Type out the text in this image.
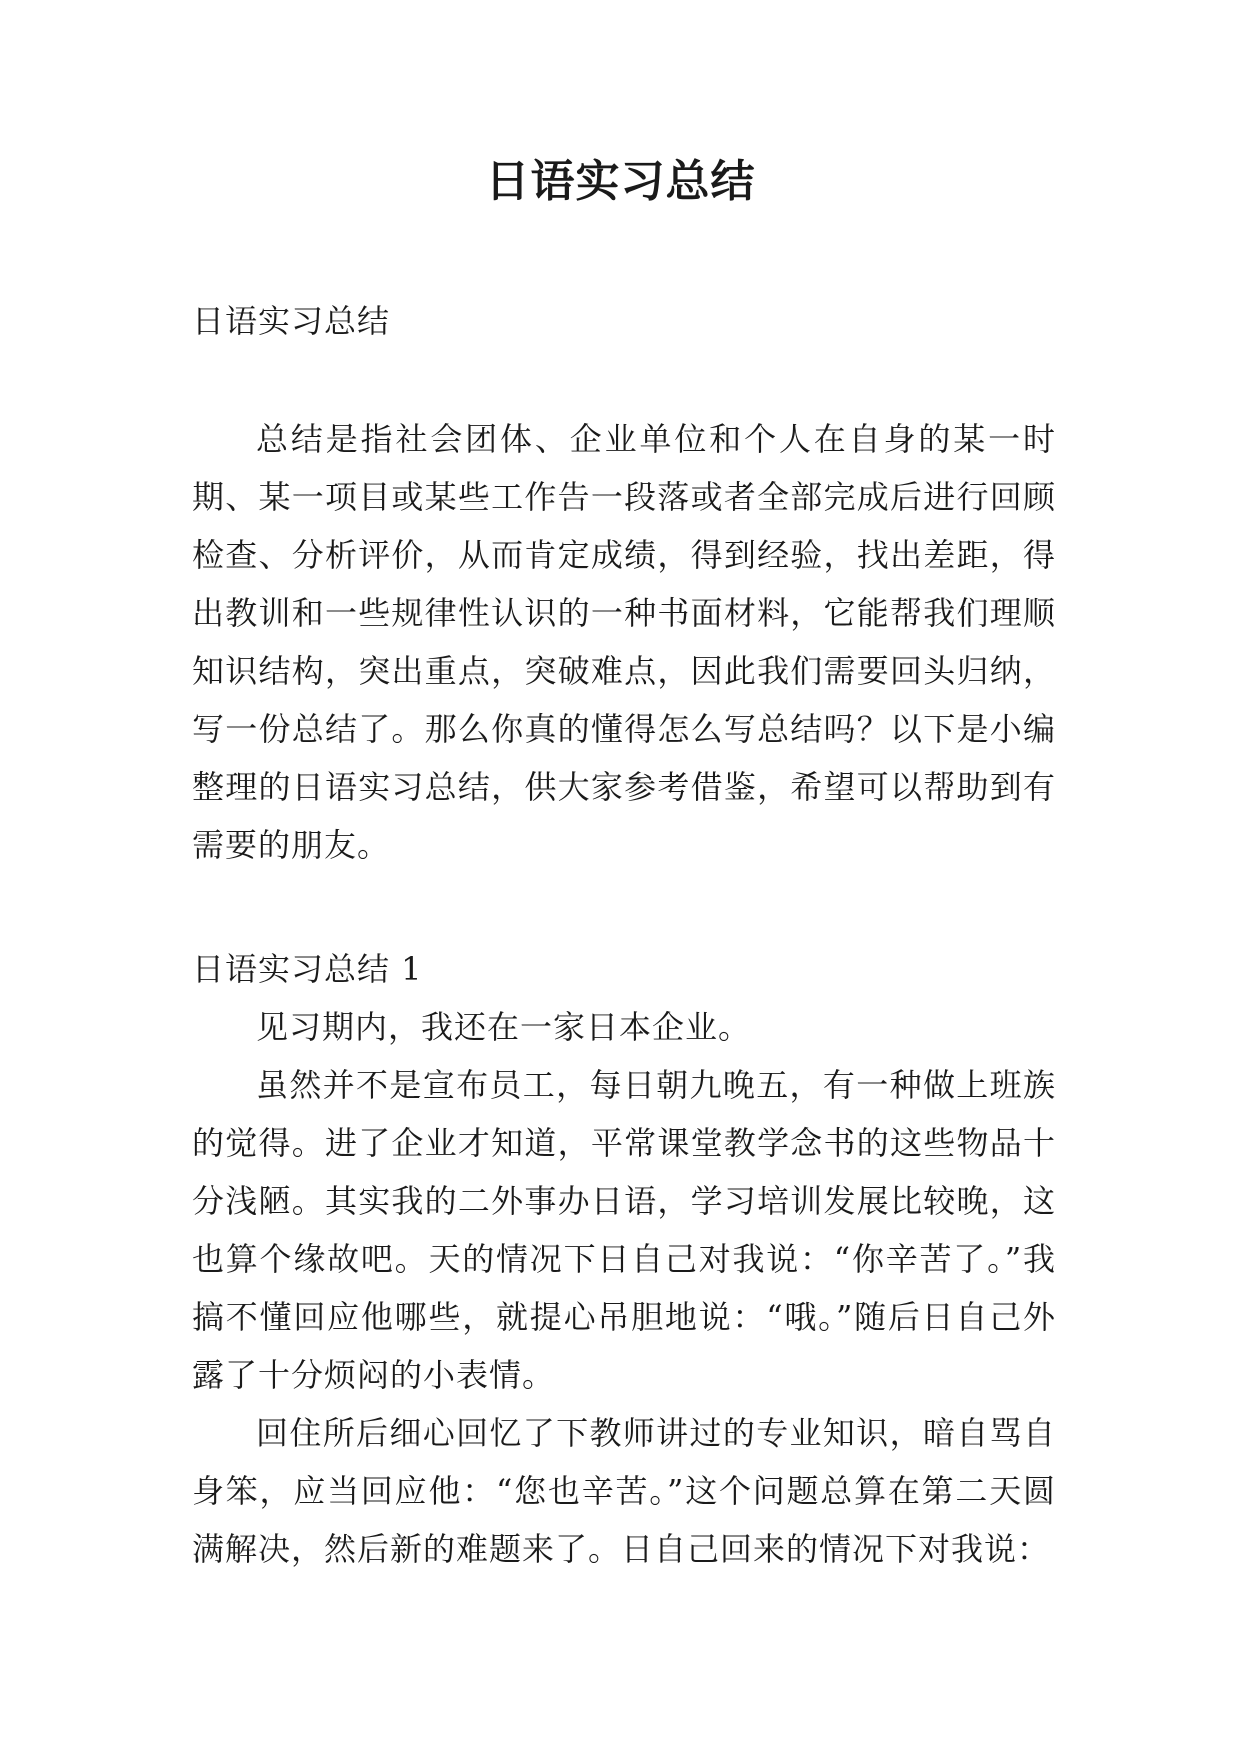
日语实习总结

日语实习总结

总结是指社会团体、企业单位和个人在自身的某一时期、某一项目或某些工作告一段落或者全部完成后进行回顾检查、分析评价，从而肯定成绩，得到经验，找出差距，得出教训和一些规律性认识的一种书面材料，它能帮我们理顺知识结构，突出重点，突破难点，因此我们需要回头归纳，写一份总结了。那么你真的懂得怎么写总结吗？以下是小编整理的日语实习总结，供大家参考借鉴，希望可以帮助到有需要的朋友。

日语实习总结 1

见习期内，我还在一家日本企业。

虽然并不是宣布员工，每日朝九晚五，有一种做上班族的觉得。进了企业才知道，平常课堂教学念书的这些物品十分浅陋。其实我的二外事办日语，学习培训发展比较晚，这也算个缘故吧。天的情况下日自己对我说：“你辛苦了。”我搞不懂回应他哪些，就提心吊胆地说：“哦。”随后日自己外露了十分烦闷的小表情。

回住所后细心回忆了下教师讲过的专业知识，暗自骂自身笨，应当回应他：“您也辛苦。”这个问题总算在第二天圆满解决，然后新的难题来了。日自己回来的情况下对我说：
